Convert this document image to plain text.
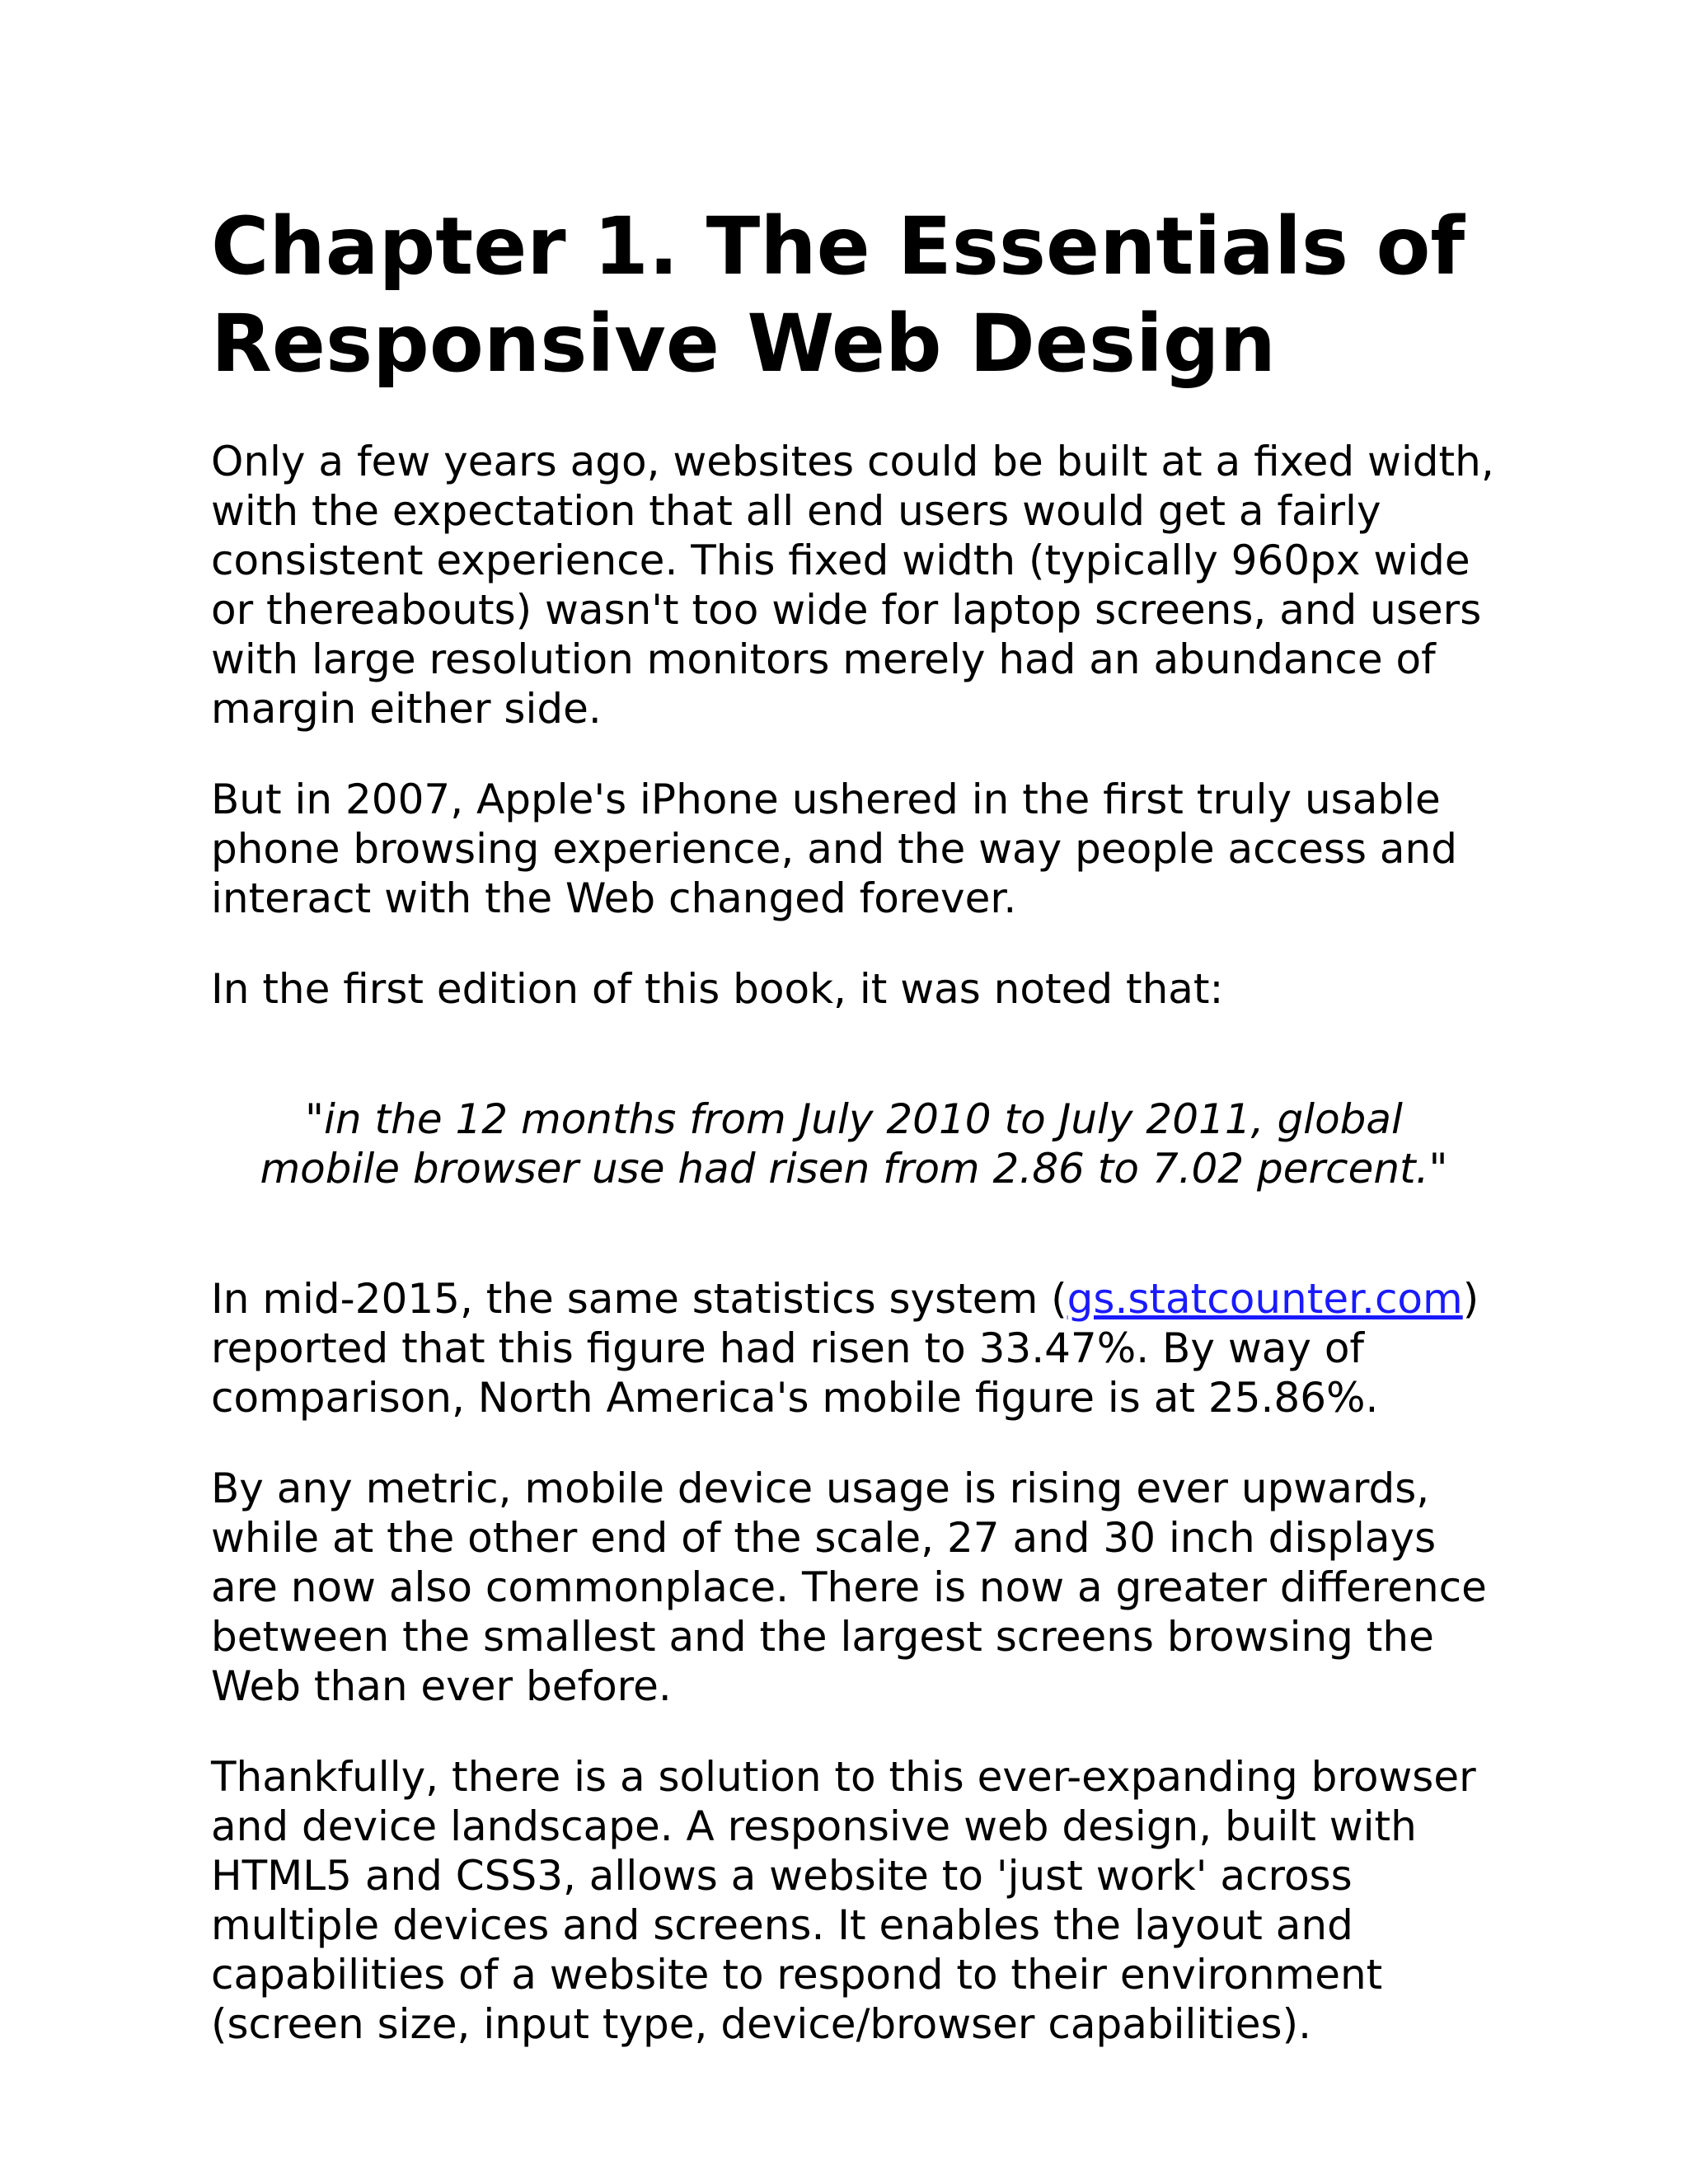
Chapter 1. The Essentials of Responsive Web Design

Only a few years ago, websites could be built at a fixed width, with the expectation that all end users would get a fairly consistent experience. This fixed width (typically 960px wide or thereabouts) wasn't too wide for laptop screens, and users with large resolution monitors merely had an abundance of margin either side.

But in 2007, Apple's iPhone ushered in the first truly usable phone browsing experience, and the way people access and interact with the Web changed forever.

In the first edition of this book, it was noted that:

"in the 12 months from July 2010 to July 2011, global mobile browser use had risen from 2.86 to 7.02 percent."

In mid-2015, the same statistics system (gs.statcounter.com) reported that this figure had risen to 33.47%. By way of comparison, North America's mobile figure is at 25.86%.

By any metric, mobile device usage is rising ever upwards, while at the other end of the scale, 27 and 30 inch displays are now also commonplace. There is now a greater difference between the smallest and the largest screens browsing the Web than ever before.

Thankfully, there is a solution to this ever-expanding browser and device landscape. A responsive web design, built with HTML5 and CSS3, allows a website to 'just work' across multiple devices and screens. It enables the layout and capabilities of a website to respond to their environment (screen size, input type, device/browser capabilities).
